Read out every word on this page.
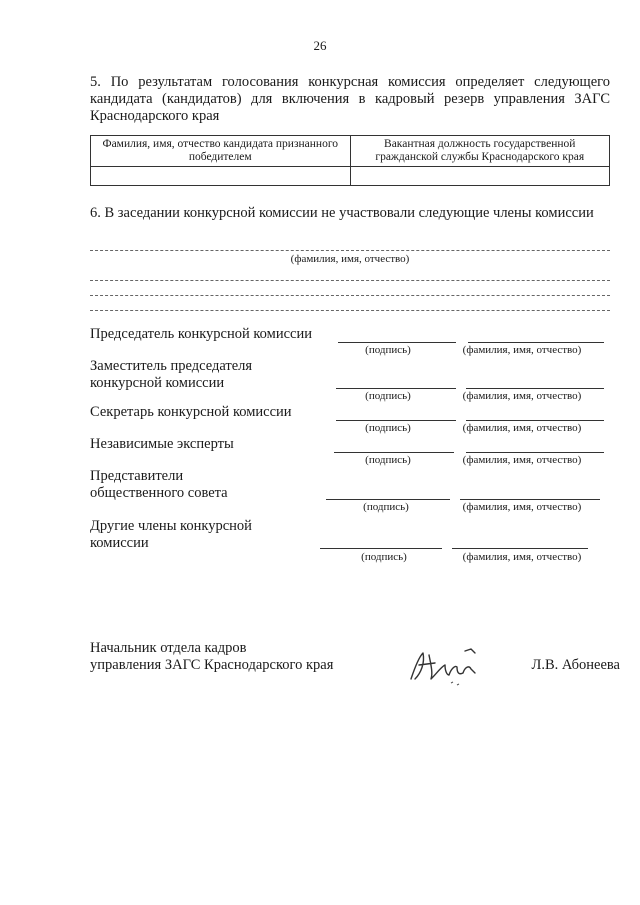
26
5. По результатам голосования конкурсная комиссия определяет следующего кандидата (кандидатов) для включения в кадровый резерв управления ЗАГС Краснодарского края
Фамилия, имя, отчество кандидата признанного победителем	Вакантная должность государственной гражданской службы Краснодарского края

6. В заседании конкурсной комиссии не участвовали следующие члены комиссии
(фамилия, имя, отчество)
Председатель конкурсной комиссии
(подпись)	(фамилия, имя, отчество)
Заместитель председателя конкурсной комиссии
(подпись)	(фамилия, имя, отчество)
Секретарь конкурсной комиссии
(подпись)	(фамилия, имя, отчество)
Независимые эксперты
(подпись)	(фамилия, имя, отчество)
Представители общественного совета
(подпись)	(фамилия, имя, отчество)
Другие члены конкурсной комиссии
(подпись)	(фамилия, имя, отчество)
Начальник отдела кадров
управления ЗАГС Краснодарского края	Л.В. Абонеева
